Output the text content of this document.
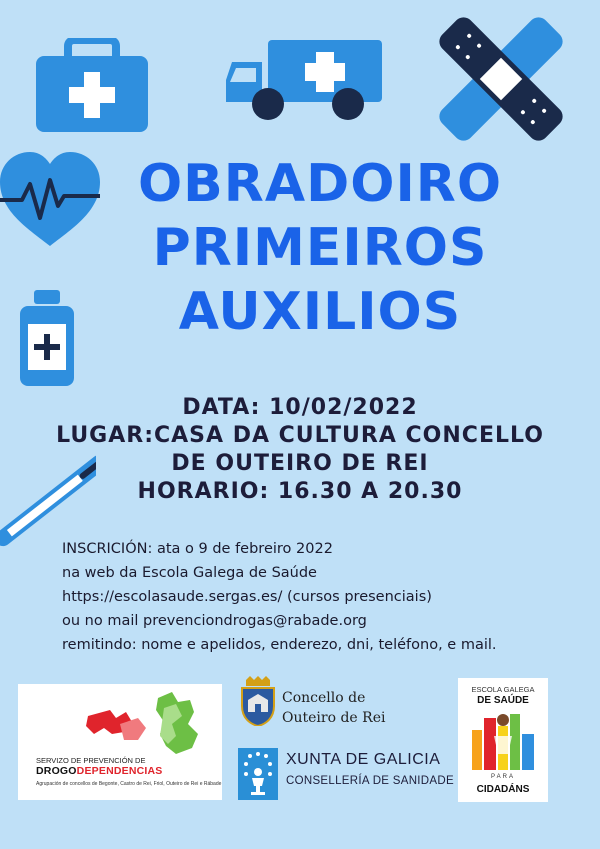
OBRADOIRO
PRIMEIROS
AUXILIOS
DATA: 10/02/2022
LUGAR:CASA DA CULTURA CONCELLO
DE OUTEIRO DE REI
HORARIO: 16.30 A 20.30
INSCRICIÓN: ata o 9 de febreiro 2022
na web da Escola Galega de Saúde
https://escolasaude.sergas.es/ (cursos presenciais)
ou no mail prevenciondrogas@rabade.org
remitindo: nome e apelidos, enderezo, dni, teléfono, e mail.
SERVIZO DE PREVENCIÓN DE
DROGODEPENDENCIAS
Agrupación de concellos de Begonte, Castro de Rei, Friol, Outeiro de Rei e Rábade
Concello de
Outeiro de Rei
XUNTA DE GALICIA
CONSELLERÍA DE SANIDADE
ESCOLA GALEGA
DE SAÚDE
PARA
CIDADÁNS
